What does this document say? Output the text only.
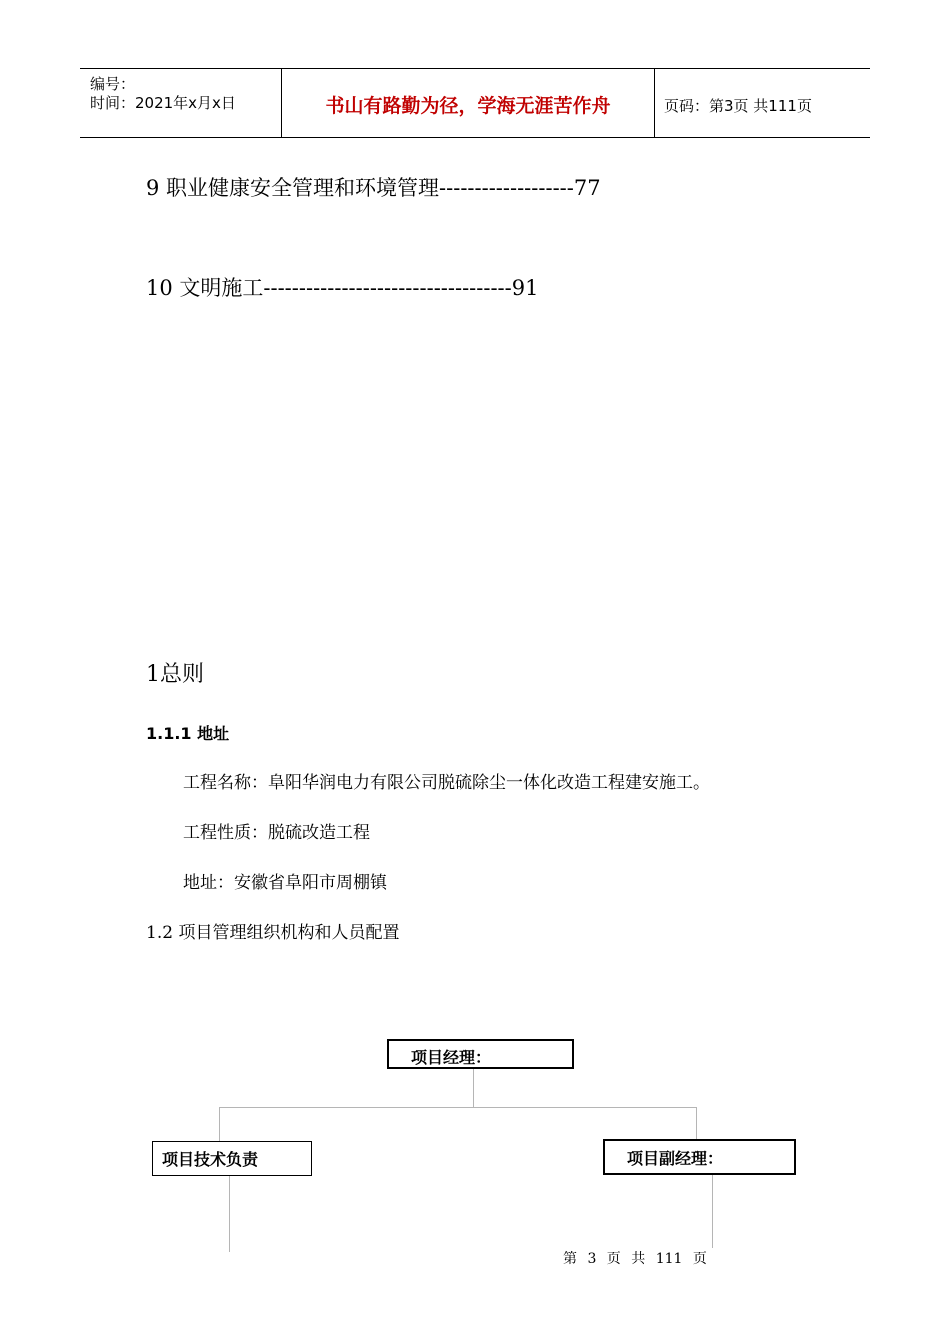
编号：
时间：2021年x月x日	书山有路勤为径，学海无涯苦作舟	页码：第3页 共111页
9 职业健康安全管理和环境管理-------------------77
10 文明施工-----------------------------------91
1总则
1.1.1 地址
工程名称：阜阳华润电力有限公司脱硫除尘一体化改造工程建安施工。
工程性质：脱硫改造工程
地址：安徽省阜阳市周棚镇
1.2 项目管理组织机构和人员配置
项目经理：
项目技术负责	项目副经理：
第 3 页 共 111 页
